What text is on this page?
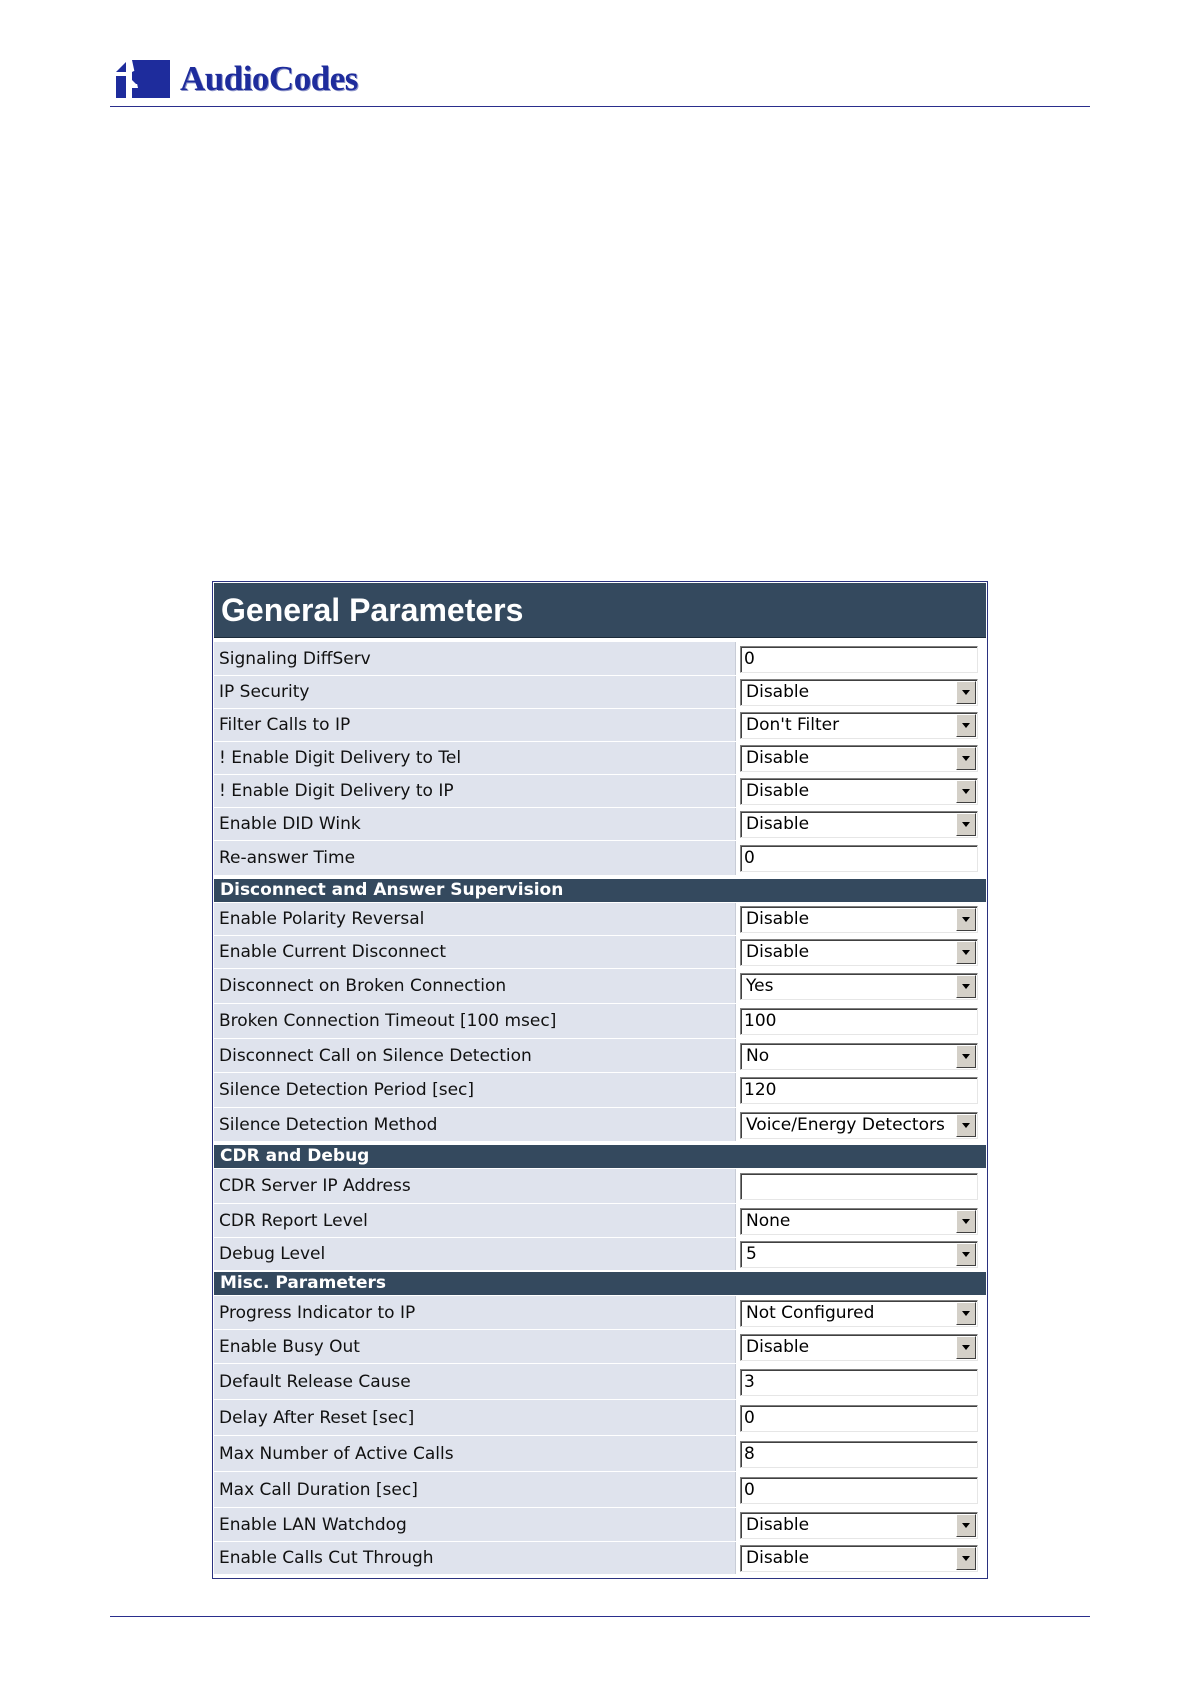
AudioCodes
General Parameters
Signaling DiffServ	0
IP Security	Disable
Filter Calls to IP	Don't Filter
! Enable Digit Delivery to Tel	Disable
! Enable Digit Delivery to IP	Disable
Enable DID Wink	Disable
Re-answer Time	0
Disconnect and Answer Supervision
Enable Polarity Reversal	Disable
Enable Current Disconnect	Disable
Disconnect on Broken Connection	Yes
Broken Connection Timeout [100 msec]	100
Disconnect Call on Silence Detection	No
Silence Detection Period [sec]	120
Silence Detection Method	Voice/Energy Detectors
CDR and Debug
CDR Server IP Address
CDR Report Level	None
Debug Level	5
Misc. Parameters
Progress Indicator to IP	Not Configured
Enable Busy Out	Disable
Default Release Cause	3
Delay After Reset [sec]	0
Max Number of Active Calls	8
Max Call Duration [sec]	0
Enable LAN Watchdog	Disable
Enable Calls Cut Through	Disable
